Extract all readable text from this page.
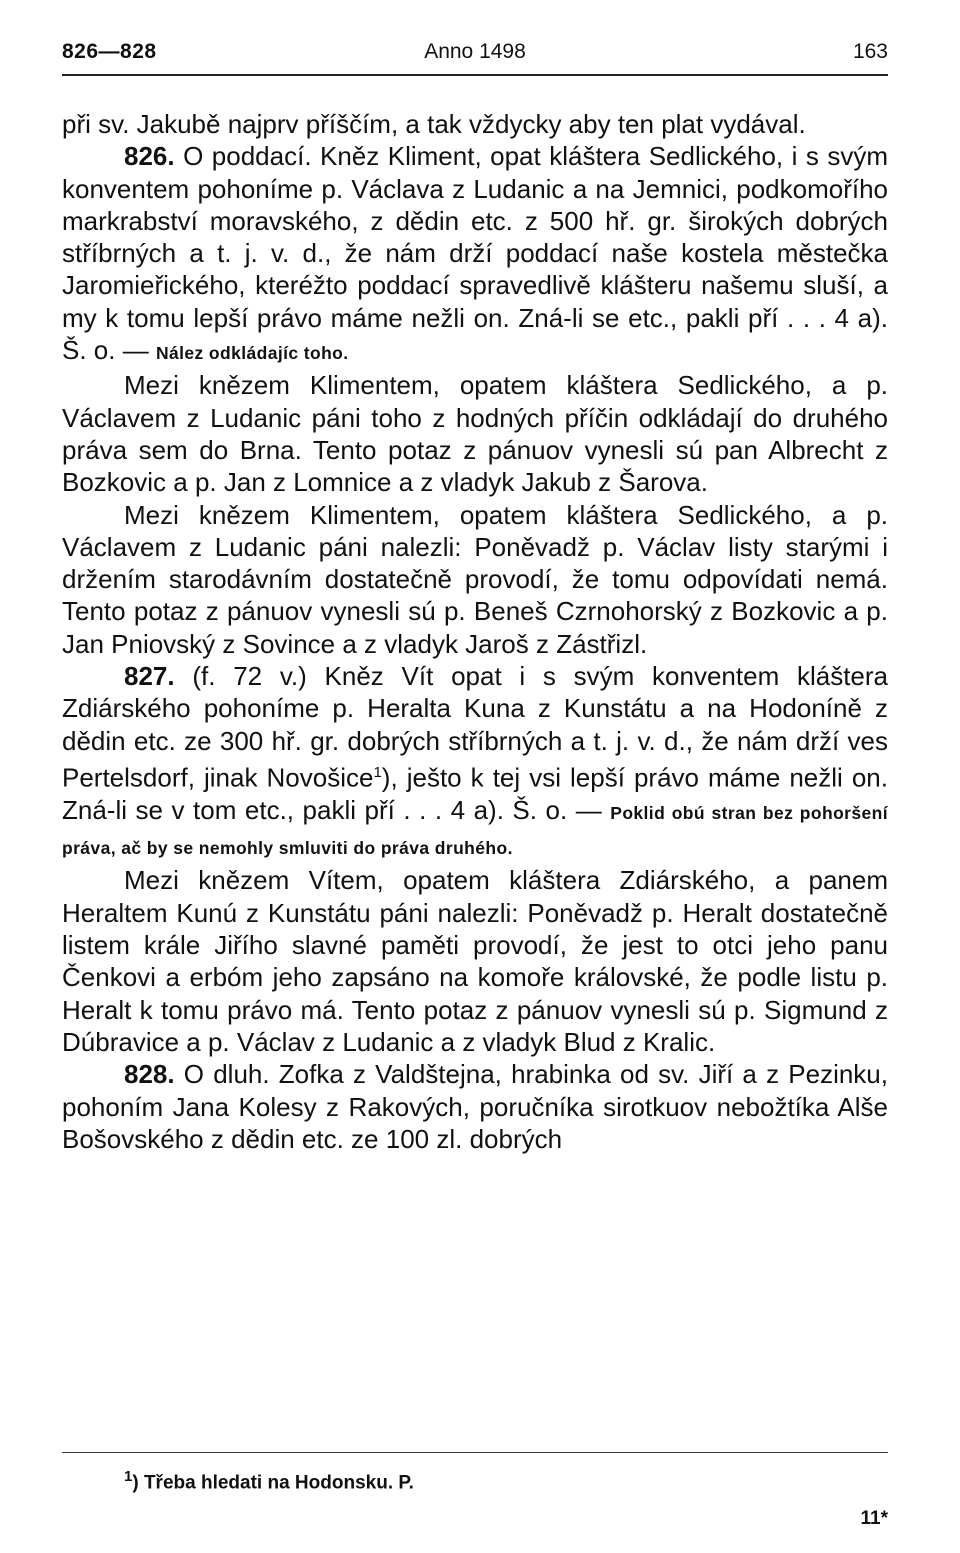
826—828	Anno 1498	163

při sv. Jakubě najprv příščím, a tak vždycky aby ten plat vydával.

826. O poddací. Kněz Kliment, opat kláštera Sedlického, i s svým konventem pohoníme p. Václava z Ludanic a na Jemnici, podkomořího markrabství moravského, z dědin etc. z 500 hř. gr. širokých dobrých stříbrných a t. j. v. d., že nám drží poddací naše kostela městečka Jaromieřického, kteréžto poddací spravedlivě klášteru našemu sluší, a my k tomu lepší právo máme nežli on. Zná-li se etc., pakli pří . . . 4 a). Š. o. — Nález odkládajíc toho.

Mezi knězem Klimentem, opatem kláštera Sedlického, a p. Václavem z Ludanic páni toho z hodných příčin odkládají do druhého práva sem do Brna. Tento potaz z pánuov vynesli sú pan Albrecht z Bozkovic a p. Jan z Lomnice a z vladyk Jakub z Šarova.

Mezi knězem Klimentem, opatem kláštera Sedlického, a p. Václavem z Ludanic páni nalezli: Poněvadž p. Václav listy starými i držením starodávním dostatečně provodí, že tomu odpovídati nemá. Tento potaz z pánuov vynesli sú p. Beneš Czrnohorský z Bozkovic a p. Jan Pniovský z Sovince a z vladyk Jaroš z Zástřizl.

827. (f. 72 v.) Kněz Vít opat i s svým konventem kláštera Zdiárského pohoníme p. Heralta Kuna z Kunstátu a na Hodoníně z dědin etc. ze 300 hř. gr. dobrých stříbrných a t. j. v. d., že nám drží ves Pertelsdorf, jinak Novošice$^1$), ješto k tej vsi lepší právo máme nežli on. Zná-li se v tom etc., pakli pří . . . 4 a). Š. o. — Poklid obú stran bez pohoršení práva, ač by se nemohly smluviti do práva druhého.

Mezi knězem Vítem, opatem kláštera Zdiárského, a panem Heraltem Kunú z Kunstátu páni nalezli: Poněvadž p. Heralt dostatečně listem krále Jiřího slavné paměti provodí, že jest to otci jeho panu Čenkovi a erbóm jeho zapsáno na komoře královské, že podle listu p. Heralt k tomu právo má. Tento potaz z pánuov vynesli sú p. Sigmund z Dúbravice a p. Václav z Ludanic a z vladyk Blud z Kralic.

828. O dluh. Zofka z Valdštejna, hrabinka od sv. Jiří a z Pezinku, pohoním Jana Kolesy z Rakových, poručníka sirotkuov nebožtíka Alše Bošovského z dědin etc. ze 100 zl. dobrých

$^1$) Třeba hledati na Hodonsku. P.
11*
